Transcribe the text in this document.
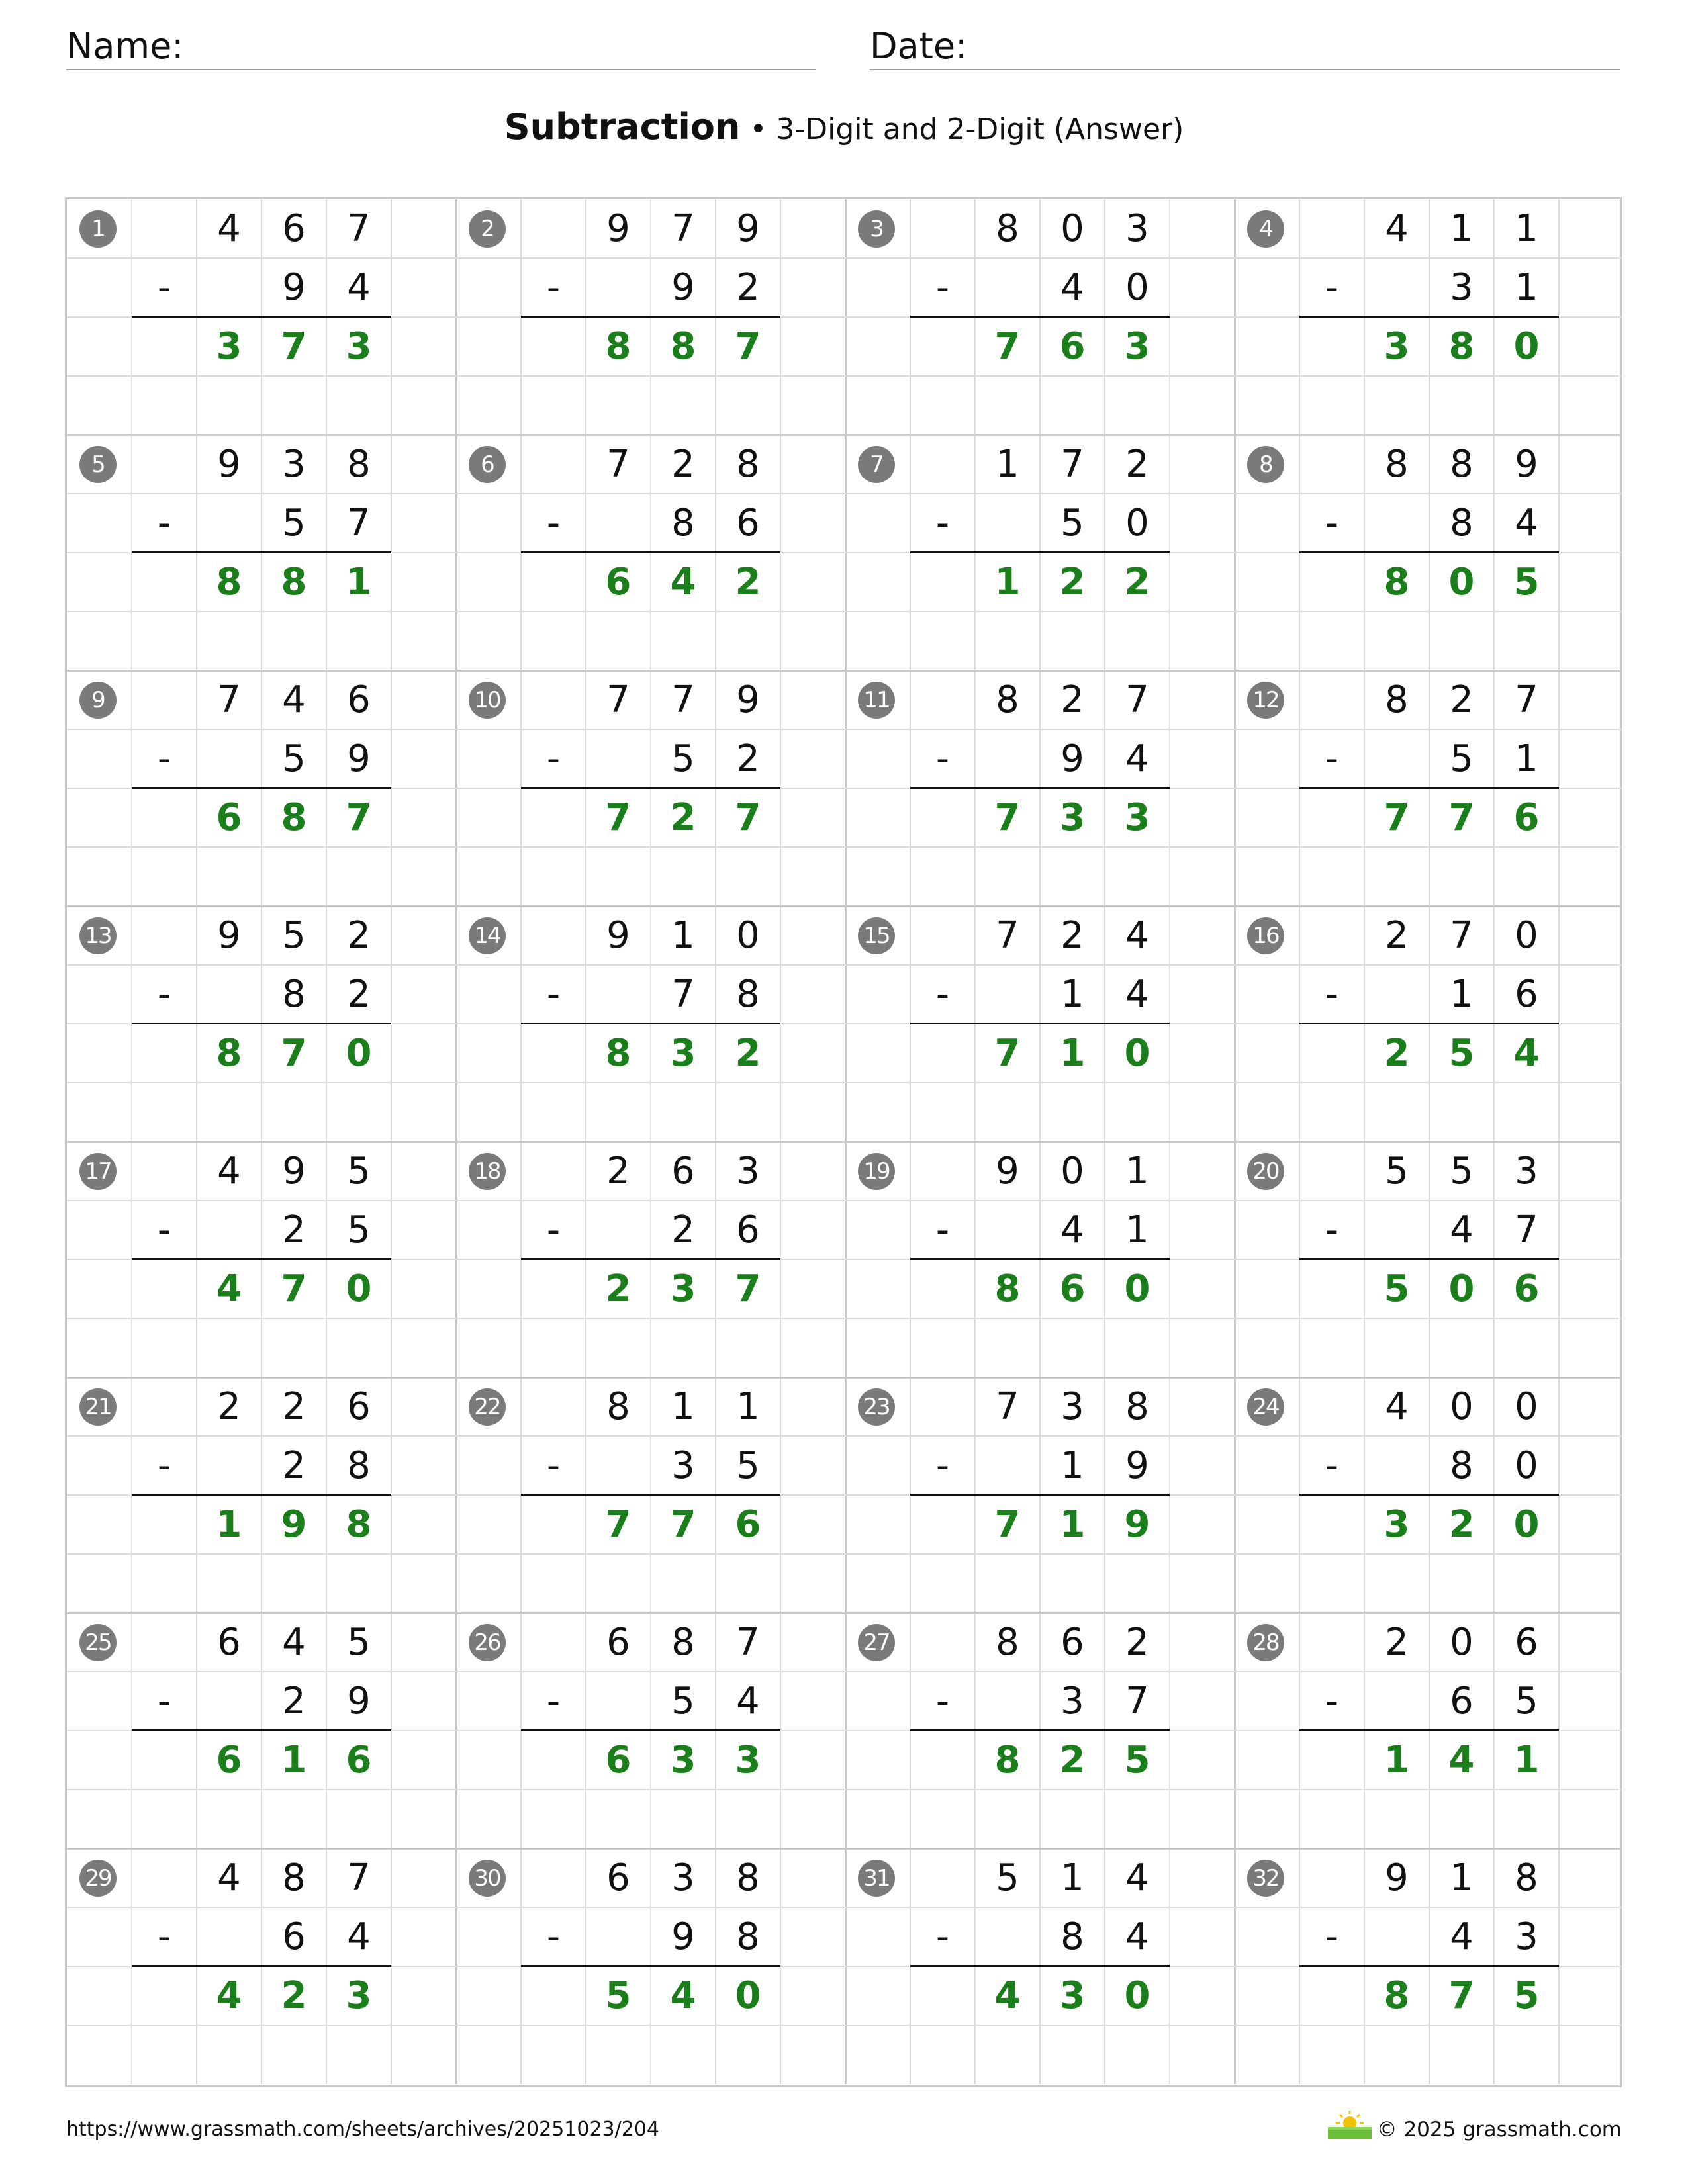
Name:	Date:
Subtraction • 3-Digit and 2-Digit (Answer)
1	4	6	7
-	9	4
3	7	3
2	9	7	9
-	9	2
8	8	7
3	8	0	3
-	4	0
7	6	3
4	4	1	1
-	3	1
3	8	0
5	9	3	8
-	5	7
8	8	1
6	7	2	8
-	8	6
6	4	2
7	1	7	2
-	5	0
1	2	2
8	8	8	9
-	8	4
8	0	5
9	7	4	6
-	5	9
6	8	7
10	7	7	9
-	5	2
7	2	7
11	8	2	7
-	9	4
7	3	3
12	8	2	7
-	5	1
7	7	6
13	9	5	2
-	8	2
8	7	0
14	9	1	0
-	7	8
8	3	2
15	7	2	4
-	1	4
7	1	0
16	2	7	0
-	1	6
2	5	4
17	4	9	5
-	2	5
4	7	0
18	2	6	3
-	2	6
2	3	7
19	9	0	1
-	4	1
8	6	0
20	5	5	3
-	4	7
5	0	6
21	2	2	6
-	2	8
1	9	8
22	8	1	1
-	3	5
7	7	6
23	7	3	8
-	1	9
7	1	9
24	4	0	0
-	8	0
3	2	0
25	6	4	5
-	2	9
6	1	6
26	6	8	7
-	5	4
6	3	3
27	8	6	2
-	3	7
8	2	5
28	2	0	6
-	6	5
1	4	1
29	4	8	7
-	6	4
4	2	3
30	6	3	8
-	9	8
5	4	0
31	5	1	4
-	8	4
4	3	0
32	9	1	8
-	4	3
8	7	5
https://www.grassmath.com/sheets/archives/20251023/204	© 2025 grassmath.com
